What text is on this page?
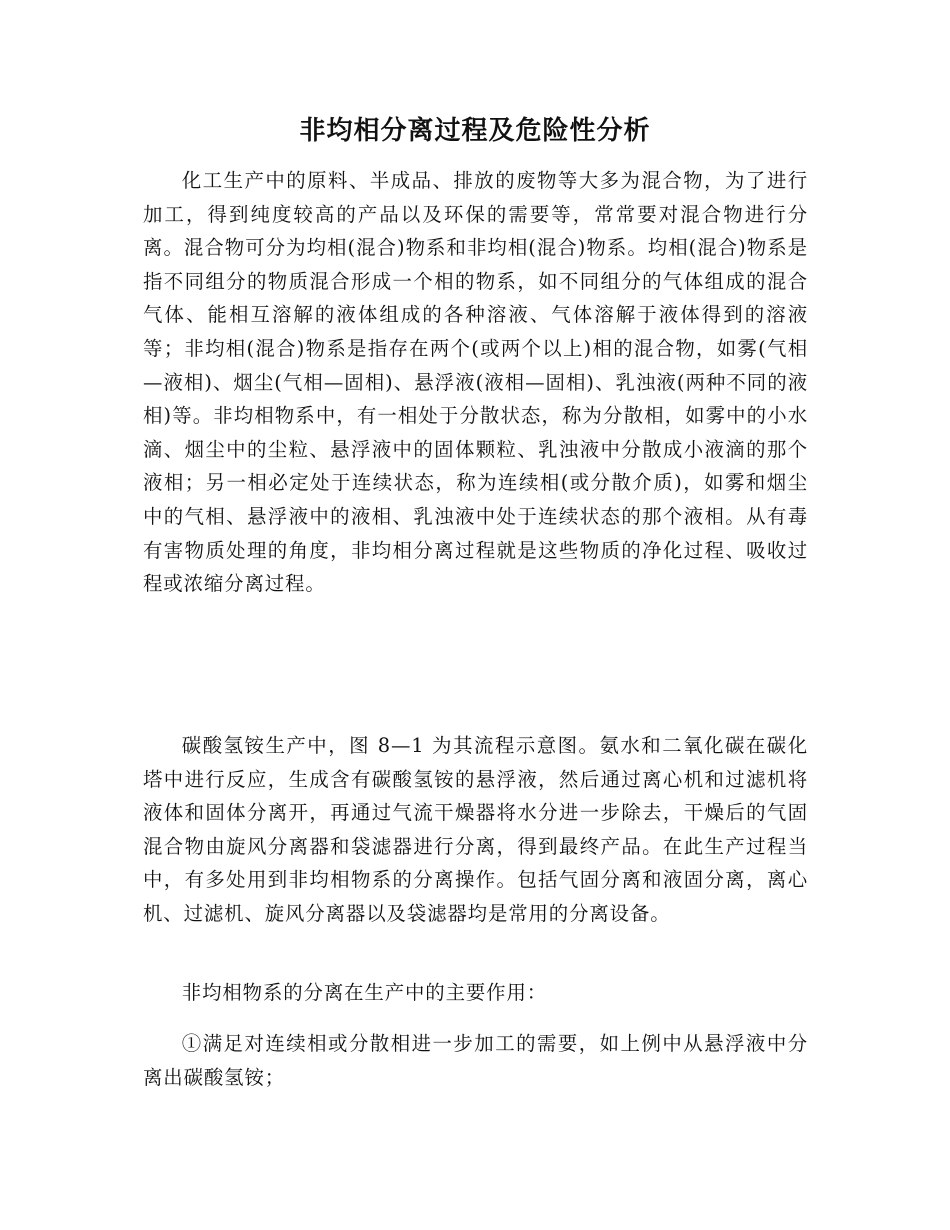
非均相分离过程及危险性分析

化工生产中的原料、半成品、排放的废物等大多为混合物，为了进行加工，得到纯度较高的产品以及环保的需要等，常常要对混合物进行分离。混合物可分为均相(混合)物系和非均相(混合)物系。均相(混合)物系是指不同组分的物质混合形成一个相的物系，如不同组分的气体组成的混合气体、能相互溶解的液体组成的各种溶液、气体溶解于液体得到的溶液等；非均相(混合)物系是指存在两个(或两个以上)相的混合物，如雾(气相—液相)、烟尘(气相—固相)、悬浮液(液相—固相)、乳浊液(两种不同的液相)等。非均相物系中，有一相处于分散状态，称为分散相，如雾中的小水滴、烟尘中的尘粒、悬浮液中的固体颗粒、乳浊液中分散成小液滴的那个液相；另一相必定处于连续状态，称为连续相(或分散介质)，如雾和烟尘中的气相、悬浮液中的液相、乳浊液中处于连续状态的那个液相。从有毒有害物质处理的角度，非均相分离过程就是这些物质的净化过程、吸收过程或浓缩分离过程。

碳酸氢铵生产中，图 8—1 为其流程示意图。氨水和二氧化碳在碳化塔中进行反应，生成含有碳酸氢铵的悬浮液，然后通过离心机和过滤机将液体和固体分离开，再通过气流干燥器将水分进一步除去，干燥后的气固混合物由旋风分离器和袋滤器进行分离，得到最终产品。在此生产过程当中，有多处用到非均相物系的分离操作。包括气固分离和液固分离，离心机、过滤机、旋风分离器以及袋滤器均是常用的分离设备。

非均相物系的分离在生产中的主要作用：

①满足对连续相或分散相进一步加工的需要，如上例中从悬浮液中分离出碳酸氢铵；
